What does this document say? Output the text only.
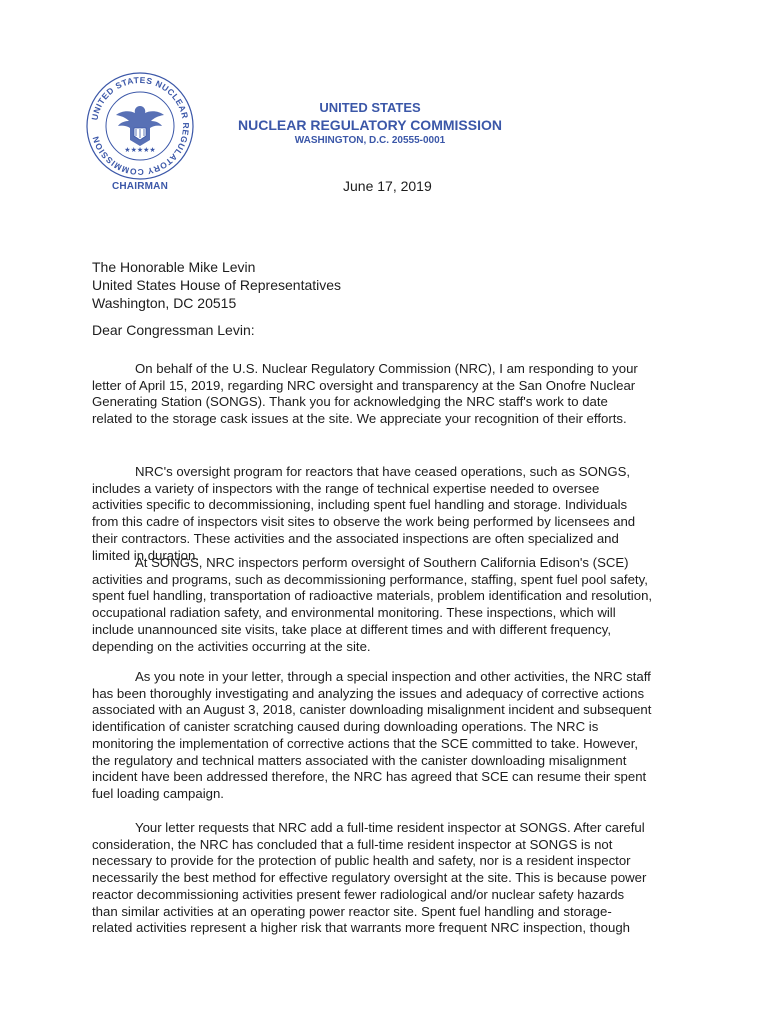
UNITED STATES NUCLEAR REGULATORY COMMISSION
★★★★★
CHAIRMAN
UNITED STATES
NUCLEAR REGULATORY COMMISSION
WASHINGTON, D.C. 20555-0001
June 17, 2019
The Honorable Mike Levin
United States House of Representatives
Washington, DC 20515
Dear Congressman Levin:
On behalf of the U.S. Nuclear Regulatory Commission (NRC), I am responding to your
letter of April 15, 2019, regarding NRC oversight and transparency at the San Onofre Nuclear
Generating Station (SONGS). Thank you for acknowledging the NRC staff's work to date
related to the storage cask issues at the site. We appreciate your recognition of their efforts.
NRC's oversight program for reactors that have ceased operations, such as SONGS,
includes a variety of inspectors with the range of technical expertise needed to oversee
activities specific to decommissioning, including spent fuel handling and storage. Individuals
from this cadre of inspectors visit sites to observe the work being performed by licensees and
their contractors. These activities and the associated inspections are often specialized and
limited in duration.
At SONGS, NRC inspectors perform oversight of Southern California Edison's (SCE)
activities and programs, such as decommissioning performance, staffing, spent fuel pool safety,
spent fuel handling, transportation of radioactive materials, problem identification and resolution,
occupational radiation safety, and environmental monitoring. These inspections, which will
include unannounced site visits, take place at different times and with different frequency,
depending on the activities occurring at the site.
As you note in your letter, through a special inspection and other activities, the NRC staff
has been thoroughly investigating and analyzing the issues and adequacy of corrective actions
associated with an August 3, 2018, canister downloading misalignment incident and subsequent
identification of canister scratching caused during downloading operations. The NRC is
monitoring the implementation of corrective actions that the SCE committed to take. However,
the regulatory and technical matters associated with the canister downloading misalignment
incident have been addressed therefore, the NRC has agreed that SCE can resume their spent
fuel loading campaign.
Your letter requests that NRC add a full-time resident inspector at SONGS. After careful
consideration, the NRC has concluded that a full-time resident inspector at SONGS is not
necessary to provide for the protection of public health and safety, nor is a resident inspector
necessarily the best method for effective regulatory oversight at the site. This is because power
reactor decommissioning activities present fewer radiological and/or nuclear safety hazards
than similar activities at an operating power reactor site. Spent fuel handling and storage-
related activities represent a higher risk that warrants more frequent NRC inspection, though
